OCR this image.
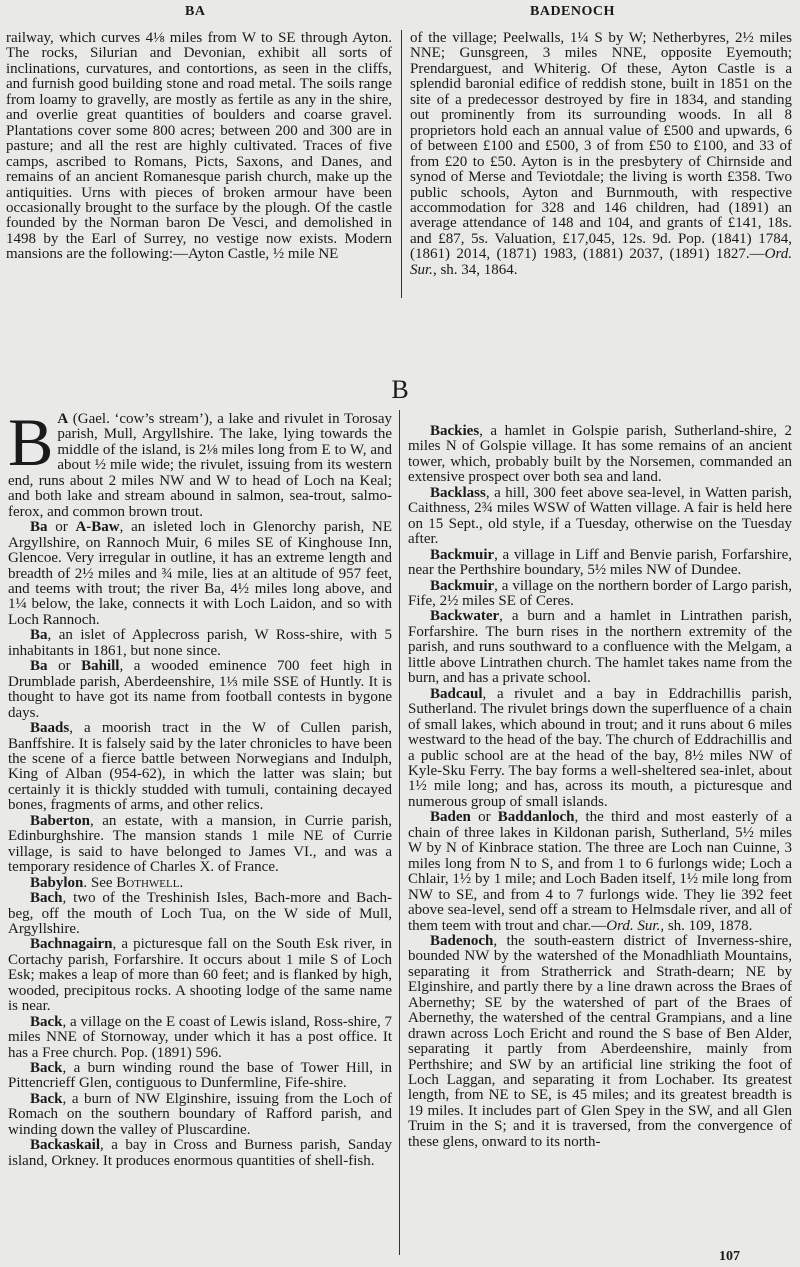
BA	BADENOCH

railway, which curves 4⅛ miles from W to SE through Ayton. The rocks, Silurian and Devonian, exhibit all sorts of inclinations, curvatures, and contortions, as seen in the cliffs, and furnish good building stone and road metal. The soils range from loamy to gravelly, are mostly as fertile as any in the shire, and overlie great quantities of boulders and coarse gravel. Plantations cover some 800 acres; between 200 and 300 are in pasture; and all the rest are highly cultivated. Traces of five camps, ascribed to Romans, Picts, Saxons, and Danes, and remains of an ancient Romanesque parish church, make up the antiquities. Urns with pieces of broken armour have been occasionally brought to the surface by the plough. Of the castle founded by the Norman baron De Vesci, and demolished in 1498 by the Earl of Surrey, no vestige now exists. Modern mansions are the following:—Ayton Castle, ½ mile NE

of the village; Peelwalls, 1¼ S by W; Netherbyres, 2½ miles NNE; Gunsgreen, 3 miles NNE, opposite Eyemouth; Prendarguest, and Whiterig. Of these, Ayton Castle is a splendid baronial edifice of reddish stone, built in 1851 on the site of a predecessor destroyed by fire in 1834, and standing out prominently from its surrounding woods. In all 8 proprietors hold each an annual value of £500 and upwards, 6 of between £100 and £500, 3 of from £50 to £100, and 33 of from £20 to £50. Ayton is in the presbytery of Chirnside and synod of Merse and Teviotdale; the living is worth £358. Two public schools, Ayton and Burnmouth, with respective accommodation for 328 and 146 children, had (1891) an average attendance of 148 and 104, and grants of £141, 18s. and £87, 5s. Valuation, £17,045, 12s. 9d. Pop. (1841) 1784, (1861) 2014, (1871) 1983, (1881) 2037, (1891) 1827.—Ord. Sur., sh. 34, 1864.

B

B A (Gael. ‘cow’s stream’), a lake and rivulet in Torosay parish, Mull, Argyllshire. The lake, lying towards the middle of the island, is 2⅛ miles long from E to W, and about ½ mile wide; the rivulet, issuing from its western end, runs about 2 miles NW and W to head of Loch na Keal; and both lake and stream abound in salmon, sea-trout, salmo-ferox, and common brown trout.

Ba or A-Baw, an isleted loch in Glenorchy parish, NE Argyllshire, on Rannoch Muir, 6 miles SE of Kinghouse Inn, Glencoe. Very irregular in outline, it has an extreme length and breadth of 2½ miles and ¾ mile, lies at an altitude of 957 feet, and teems with trout; the river Ba, 4½ miles long above, and 1¼ below, the lake, connects it with Loch Laidon, and so with Loch Rannoch.

Ba, an islet of Applecross parish, W Ross-shire, with 5 inhabitants in 1861, but none since.

Ba or Bahill, a wooded eminence 700 feet high in Drumblade parish, Aberdeenshire, 1⅓ mile SSE of Huntly. It is thought to have got its name from football contests in bygone days.

Baads, a moorish tract in the W of Cullen parish, Banffshire. It is falsely said by the later chronicles to have been the scene of a fierce battle between Norwegians and Indulph, King of Alban (954-62), in which the latter was slain; but certainly it is thickly studded with tumuli, containing decayed bones, fragments of arms, and other relics.

Baberton, an estate, with a mansion, in Currie parish, Edinburghshire. The mansion stands 1 mile NE of Currie village, is said to have belonged to James VI., and was a temporary residence of Charles X. of France.

Babylon. See Bothwell.

Bach, two of the Treshinish Isles, Bach-more and Bach-beg, off the mouth of Loch Tua, on the W side of Mull, Argyllshire.

Bachnagairn, a picturesque fall on the South Esk river, in Cortachy parish, Forfarshire. It occurs about 1 mile S of Loch Esk; makes a leap of more than 60 feet; and is flanked by high, wooded, precipitous rocks. A shooting lodge of the same name is near.

Back, a village on the E coast of Lewis island, Ross-shire, 7 miles NNE of Stornoway, under which it has a post office. It has a Free church. Pop. (1891) 596.

Back, a burn winding round the base of Tower Hill, in Pittencrieff Glen, contiguous to Dunfermline, Fife-shire.

Back, a burn of NW Elginshire, issuing from the Loch of Romach on the southern boundary of Rafford parish, and winding down the valley of Pluscardine.

Backaskail, a bay in Cross and Burness parish, Sanday island, Orkney. It produces enormous quantities of shell-fish.

Backies, a hamlet in Golspie parish, Sutherland-shire, 2 miles N of Golspie village. It has some remains of an ancient tower, which, probably built by the Norsemen, commanded an extensive prospect over both sea and land.

Backlass, a hill, 300 feet above sea-level, in Watten parish, Caithness, 2¾ miles WSW of Watten village. A fair is held here on 15 Sept., old style, if a Tuesday, otherwise on the Tuesday after.

Backmuir, a village in Liff and Benvie parish, Forfarshire, near the Perthshire boundary, 5½ miles NW of Dundee.

Backmuir, a village on the northern border of Largo parish, Fife, 2½ miles SE of Ceres.

Backwater, a burn and a hamlet in Lintrathen parish, Forfarshire. The burn rises in the northern extremity of the parish, and runs southward to a confluence with the Melgam, a little above Lintrathen church. The hamlet takes name from the burn, and has a private school.

Badcaul, a rivulet and a bay in Eddrachillis parish, Sutherland. The rivulet brings down the superfluence of a chain of small lakes, which abound in trout; and it runs about 6 miles westward to the head of the bay. The church of Eddrachillis and a public school are at the head of the bay, 8½ miles NW of Kyle-Sku Ferry. The bay forms a well-sheltered sea-inlet, about 1½ mile long; and has, across its mouth, a picturesque and numerous group of small islands.

Baden or Baddanloch, the third and most easterly of a chain of three lakes in Kildonan parish, Sutherland, 5½ miles W by N of Kinbrace station. The three are Loch nan Cuinne, 3 miles long from N to S, and from 1 to 6 furlongs wide; Loch a Chlair, 1½ by 1 mile; and Loch Baden itself, 1½ mile long from NW to SE, and from 4 to 7 furlongs wide. They lie 392 feet above sea-level, send off a stream to Helmsdale river, and all of them teem with trout and char.—Ord. Sur., sh. 109, 1878.

Badenoch, the south-eastern district of Inverness-shire, bounded NW by the watershed of the Monadhliath Mountains, separating it from Stratherrick and Strath-dearn; NE by Elginshire, and partly there by a line drawn across the Braes of Abernethy; SE by the watershed of part of the Braes of Abernethy, the watershed of the central Grampians, and a line drawn across Loch Ericht and round the S base of Ben Alder, separating it partly from Aberdeenshire, mainly from Perthshire; and SW by an artificial line striking the foot of Loch Laggan, and separating it from Lochaber. Its greatest length, from NE to SE, is 45 miles; and its greatest breadth is 19 miles. It includes part of Glen Spey in the SW, and all Glen Truim in the S; and it is traversed, from the convergence of these glens, onward to its north-

107
